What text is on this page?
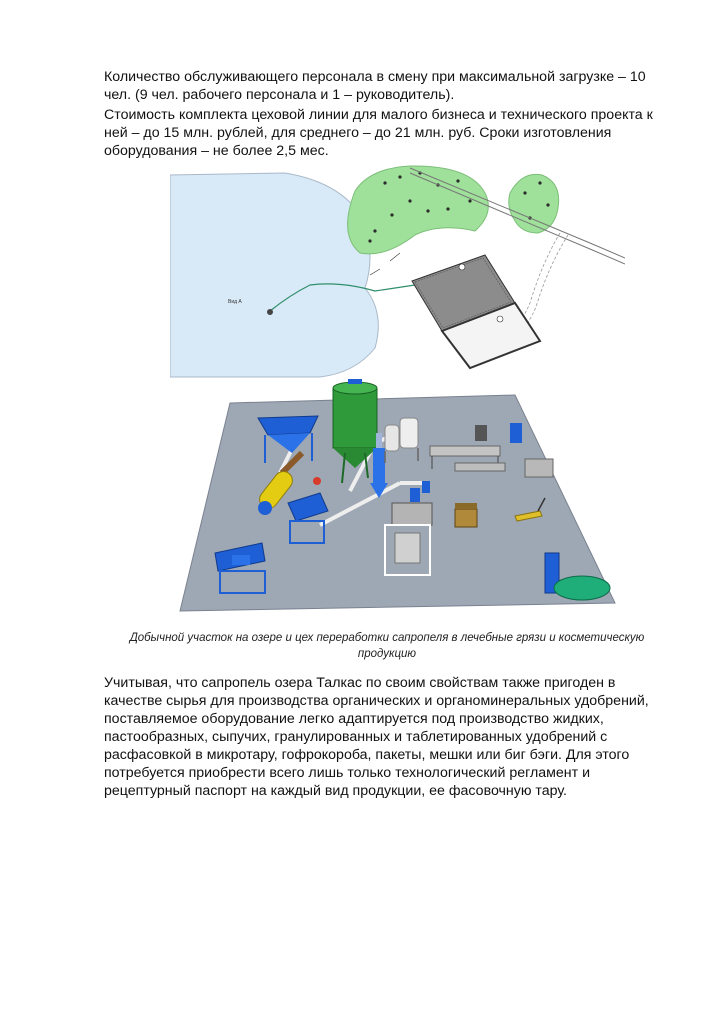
Количество обслуживающего персонала в смену при максимальной загрузке – 10 чел. (9 чел. рабочего персонала и 1 – руководитель).

Стоимость комплекта цеховой линии для малого бизнеса и технического проекта к ней – до 15 млн. рублей, для среднего – до 21 млн. руб. Сроки изготовления оборудования – не более 2,5 мес.

Вид А

Добычной участок на озере и цех переработки сапропеля в лечебные грязи и косметическую продукцию

Учитывая, что сапропель озера Талкас по своим свойствам также пригоден в качестве сырья для производства органических и органоминеральных удобрений, поставляемое оборудование легко адаптируется под производство жидких, пастообразных, сыпучих, гранулированных и таблетированных удобрений с расфасовкой в микротару, гофрокороба, пакеты, мешки или биг бэги. Для этого потребуется приобрести всего лишь только технологический регламент и рецептурный паспорт на каждый вид продукции, ее фасовочную тару.
